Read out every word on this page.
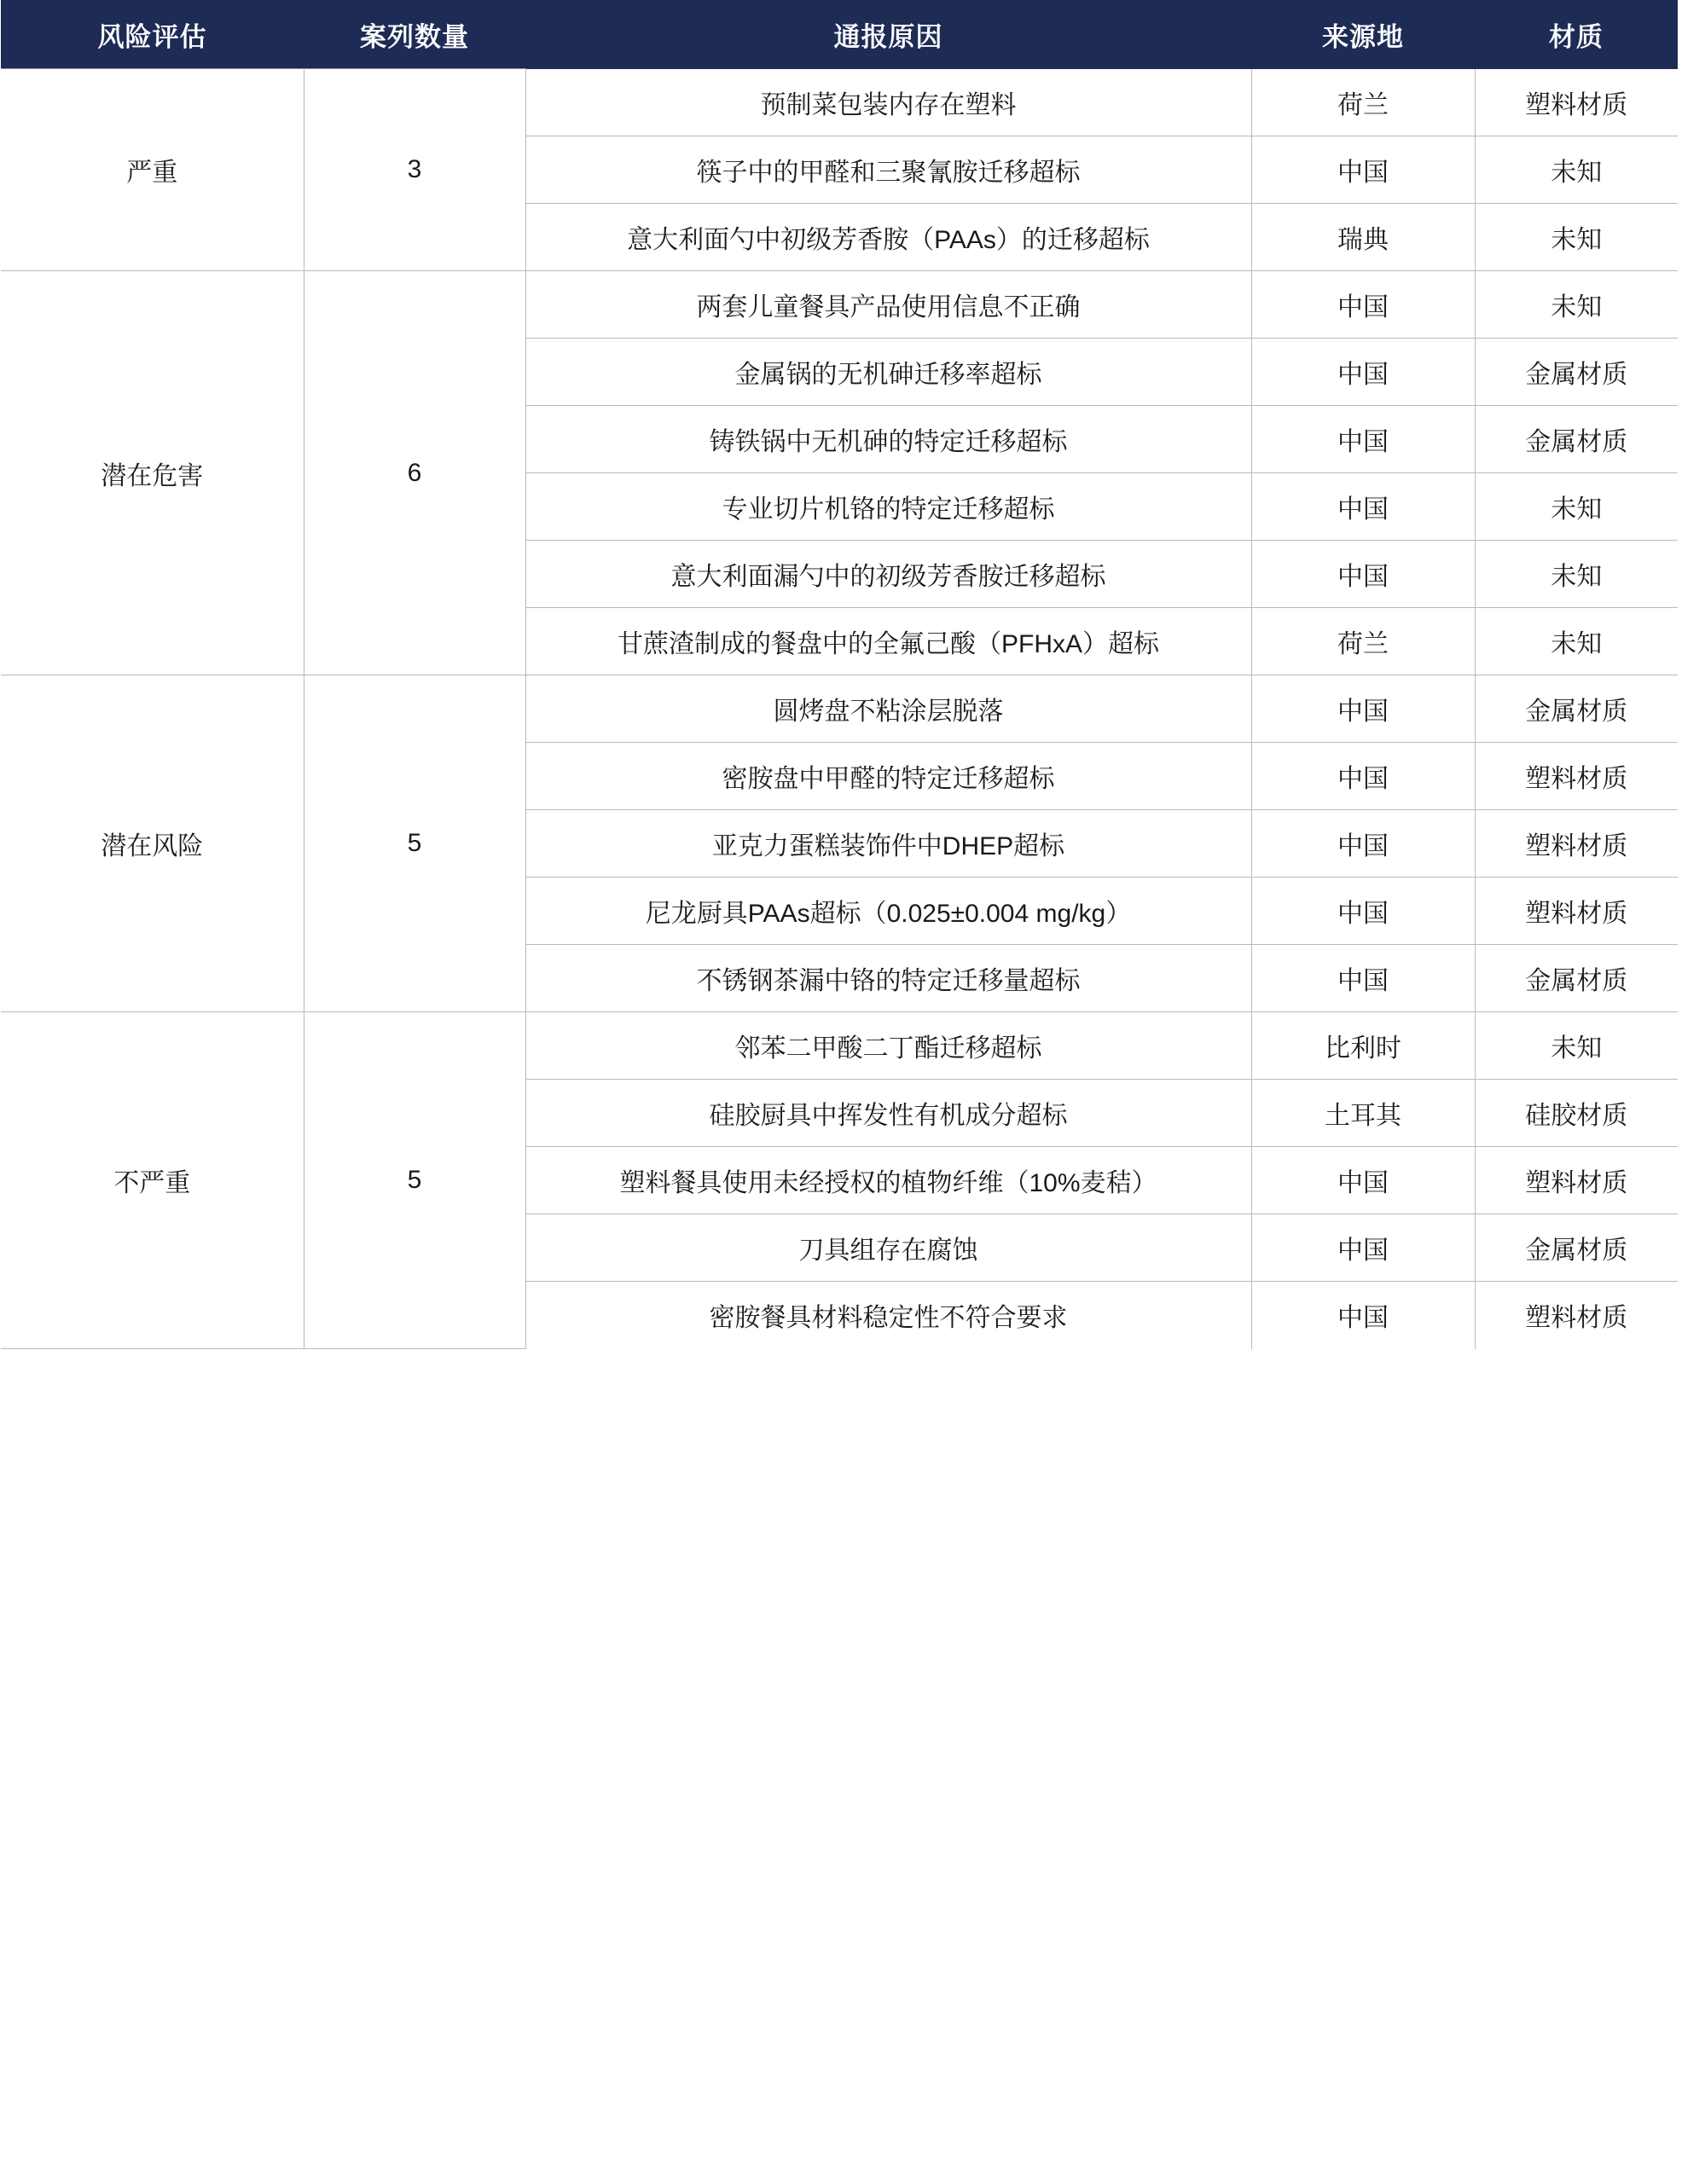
风险评估	案列数量	通报原因	来源地	材质
严重	3	预制菜包装内存在塑料	荷兰	塑料材质
		筷子中的甲醛和三聚氰胺迁移超标	中国	未知
		意大利面勺中初级芳香胺（PAAs）的迁移超标	瑞典	未知
潜在危害	6	两套儿童餐具产品使用信息不正确	中国	未知
		金属锅的无机砷迁移率超标	中国	金属材质
		铸铁锅中无机砷的特定迁移超标	中国	金属材质
		专业切片机铬的特定迁移超标	中国	未知
		意大利面漏勺中的初级芳香胺迁移超标	中国	未知
		甘蔗渣制成的餐盘中的全氟己酸（PFHxA）超标	荷兰	未知
潜在风险	5	圆烤盘不粘涂层脱落	中国	金属材质
		密胺盘中甲醛的特定迁移超标	中国	塑料材质
		亚克力蛋糕装饰件中DHEP超标	中国	塑料材质
		尼龙厨具PAAs超标（0.025±0.004 mg/kg）	中国	塑料材质
		不锈钢茶漏中铬的特定迁移量超标	中国	金属材质
不严重	5	邻苯二甲酸二丁酯迁移超标	比利时	未知
		硅胶厨具中挥发性有机成分超标	土耳其	硅胶材质
		塑料餐具使用未经授权的植物纤维（10%麦秸）	中国	塑料材质
		刀具组存在腐蚀	中国	金属材质
		密胺餐具材料稳定性不符合要求	中国	塑料材质
